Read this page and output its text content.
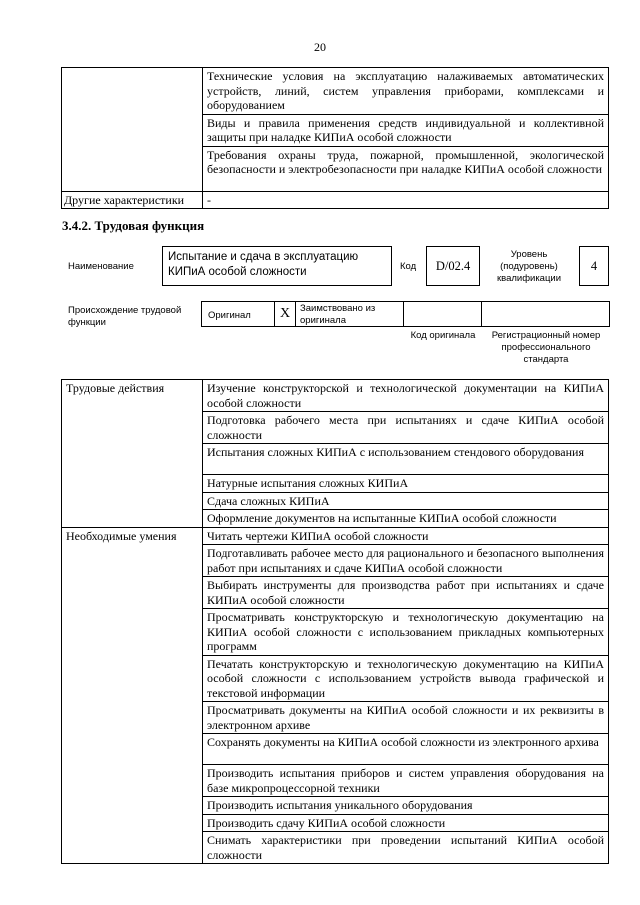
20
	Технические условия на эксплуатацию налаживаемых автоматических устройств, линий, систем управления приборами, комплексами и оборудованием
	Виды и правила применения средств индивидуальной и коллективной защиты при наладке КИПиА особой сложности
	Требования охраны труда, пожарной, промышленной, экологической безопасности и электробезопасности при наладке КИПиА особой сложности
Другие характеристики	-
3.4.2. Трудовая функция
Наименование
Испытание и сдача в эксплуатацию КИПиА особой сложности	Код	D/02.4
Уровень (подуровень) квалификации
4
Происхождение трудовой функции
Оригинал	X	Заимствовано из оригинала
Код оригинала	Регистрационный номер профессионального стандарта
Трудовые действия	Изучение конструкторской и технологической документации на КИПиА особой сложности
	Подготовка рабочего места при испытаниях и сдаче КИПиА особой сложности
	Испытания сложных КИПиА с использованием стендового оборудования
	Натурные испытания сложных КИПиА
	Сдача сложных КИПиА
	Оформление документов на испытанные КИПиА особой сложности
Необходимые умения	Читать чертежи КИПиА особой сложности
	Подготавливать рабочее место для рационального и безопасного выполнения работ при испытаниях и сдаче КИПиА особой сложности
	Выбирать инструменты для производства работ при испытаниях и сдаче КИПиА особой сложности
	Просматривать конструкторскую и технологическую документацию на КИПиА особой сложности с использованием прикладных компьютерных программ
	Печатать конструкторскую и технологическую документацию на КИПиА особой сложности с использованием устройств вывода графической и текстовой информации
	Просматривать документы на КИПиА особой сложности и их реквизиты в электронном архиве
	Сохранять документы на КИПиА особой сложности из электронного архива
	Производить испытания приборов и систем управления оборудования на базе микропроцессорной техники
	Производить испытания уникального оборудования
	Производить сдачу КИПиА особой сложности
	Снимать характеристики при проведении испытаний КИПиА особой сложности
